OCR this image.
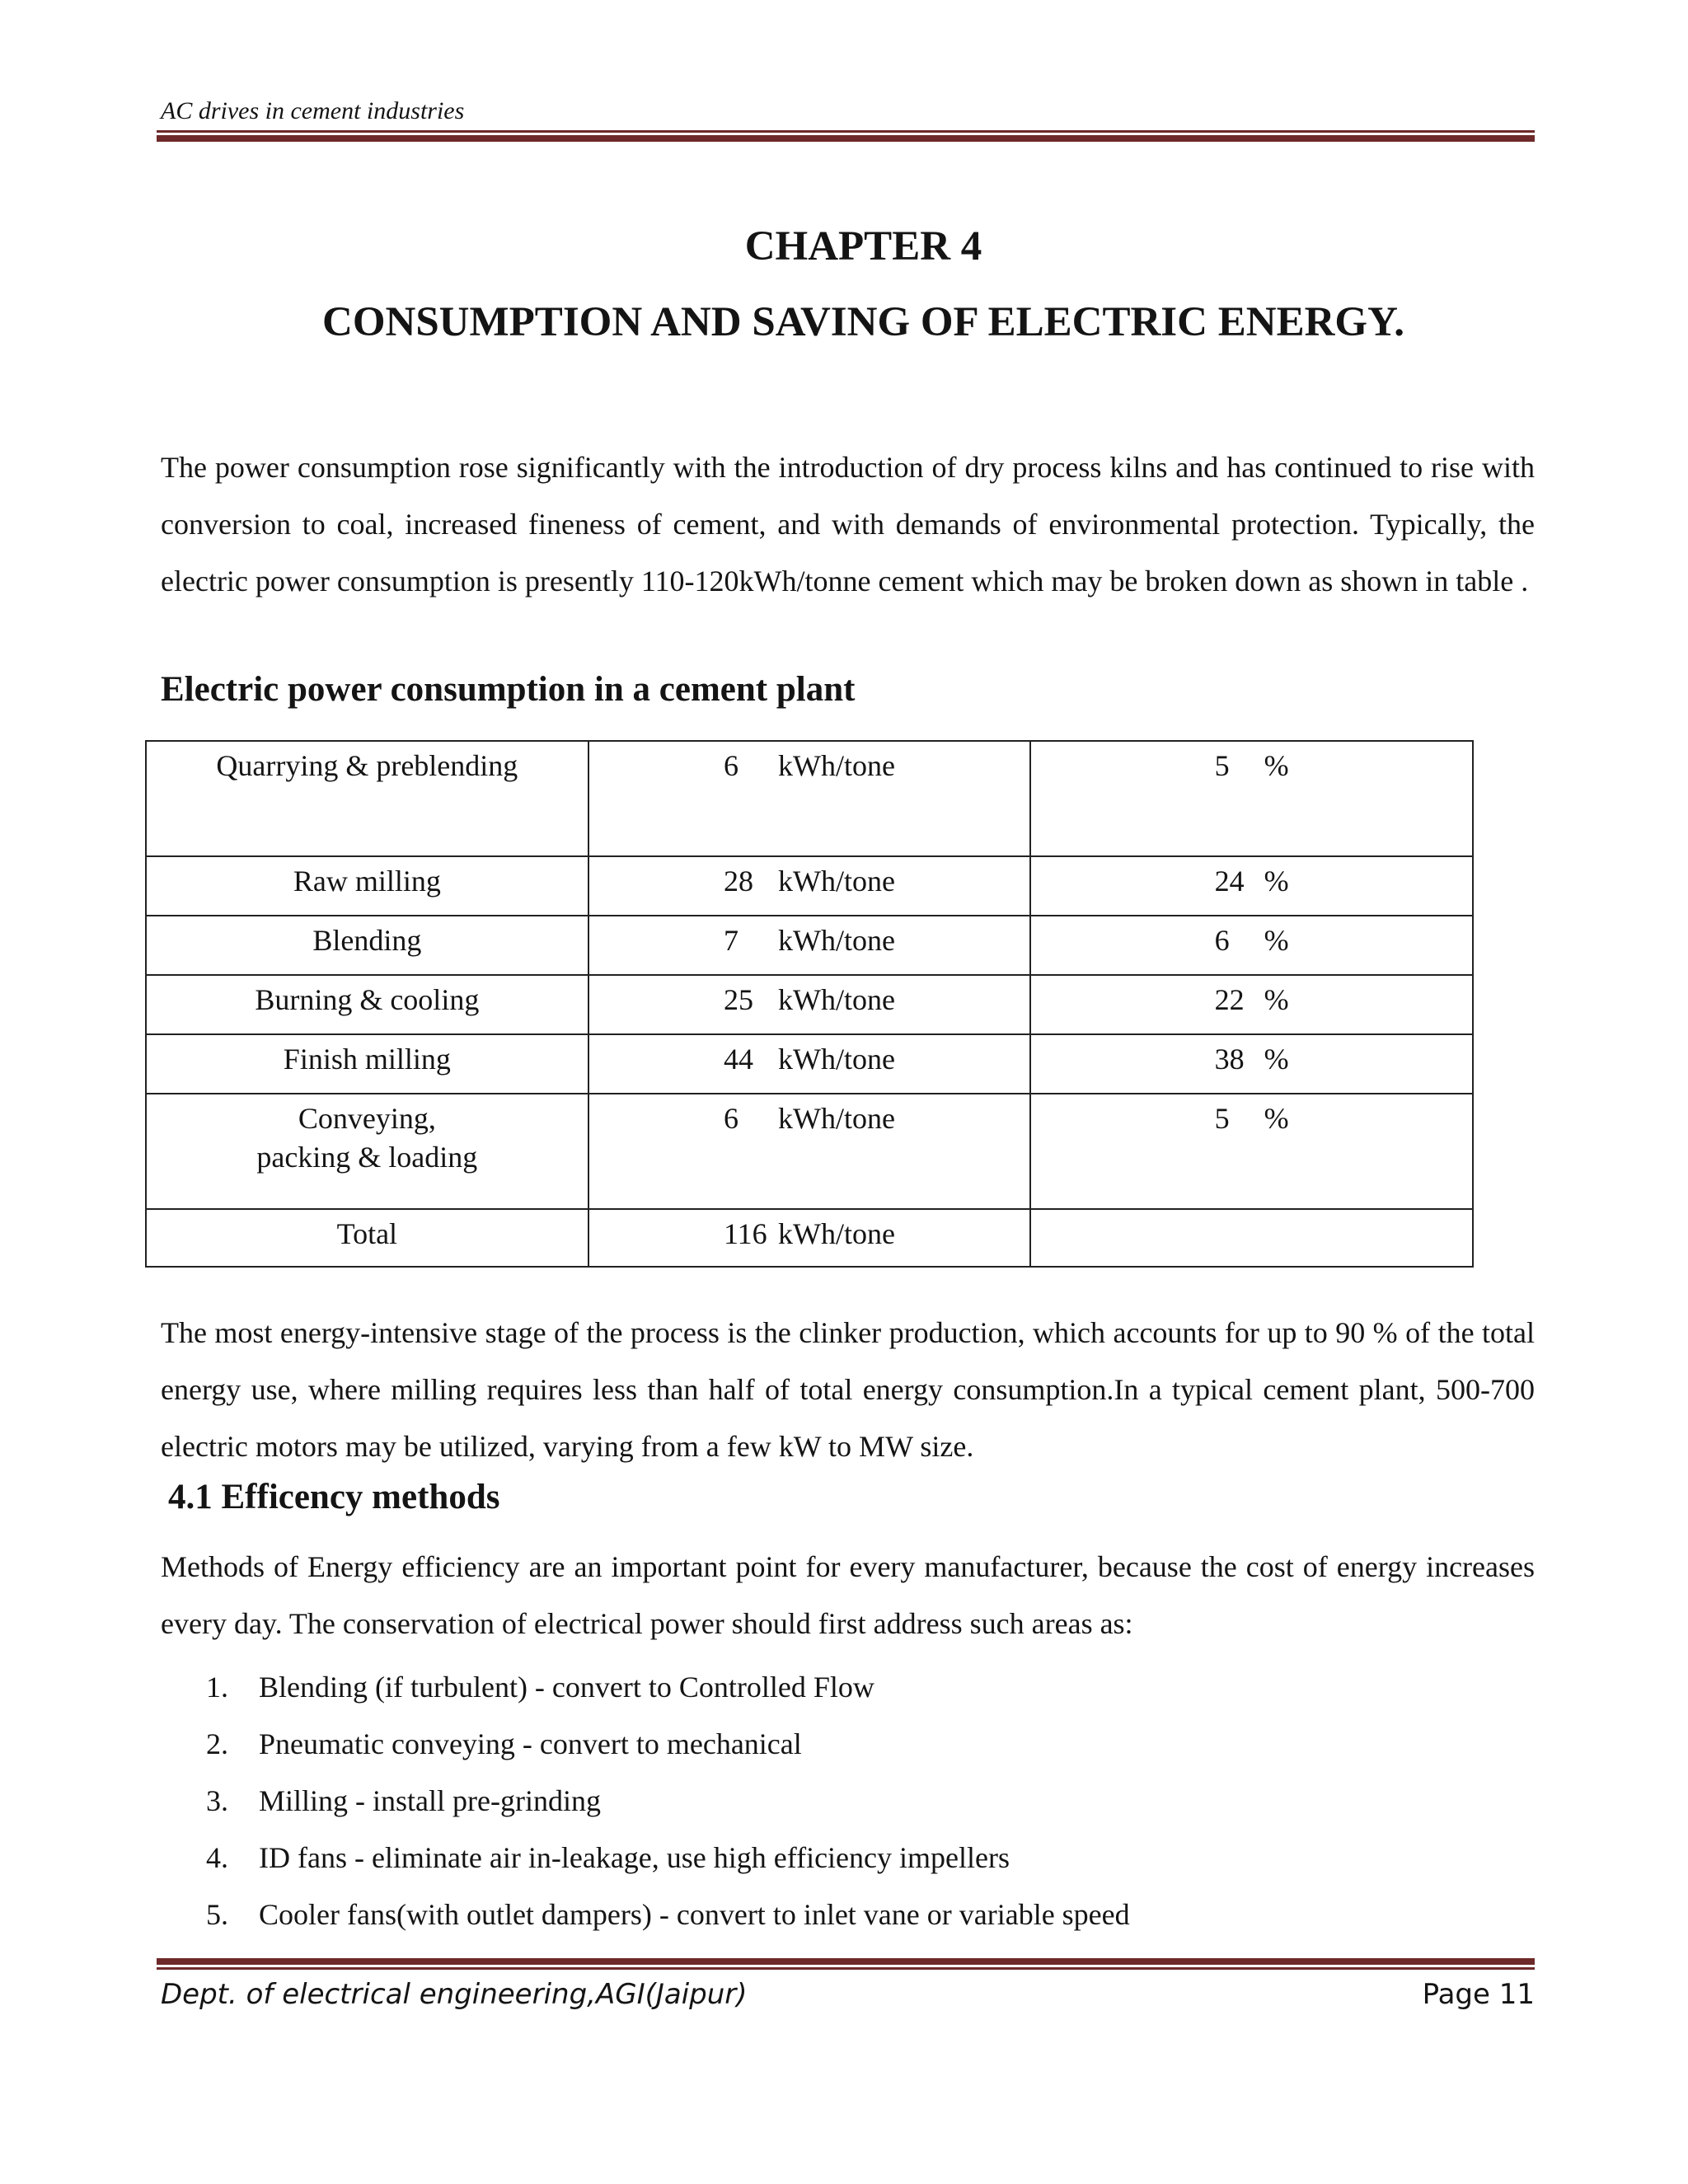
AC drives in cement industries
CHAPTER 4
CONSUMPTION AND SAVING OF ELECTRIC ENERGY.

The power consumption rose significantly with the introduction of dry process kilns and has continued to rise with conversion to coal, increased fineness of cement, and with demands of environmental protection. Typically, the electric power consumption is presently 110-120kWh/tonne cement which may be broken down as shown in table .

Electric power consumption in a cement plant
Quarrying & preblending	6 kWh/tone	5 %
Raw milling	28 kWh/tone	24 %
Blending	7 kWh/tone	6 %
Burning & cooling	25 kWh/tone	22 %
Finish milling	44 kWh/tone	38 %

Conveying,
packing & loading	6 kWh/tone	5 %
Total	116 kWh/tone	

The most energy-intensive stage of the process is the clinker production, which accounts for up to 90 % of the total energy use, where milling requires less than half of total energy consumption.In a typical cement plant, 500-700 electric motors may be utilized, varying from a few kW to MW size.

4.1 Efficency methods

Methods of Energy efficiency are an important point for every manufacturer, because the cost of energy increases every day. The conservation of electrical power should first address such areas as:

1. Blending (if turbulent) - convert to Controlled Flow
2. Pneumatic conveying - convert to mechanical
3. Milling - install pre-grinding
4. ID fans - eliminate air in-leakage, use high efficiency impellers
5. Cooler fans(with outlet dampers) - convert to inlet vane or variable speed
Dept. of electrical engineering,AGI(Jaipur)	Page 11
